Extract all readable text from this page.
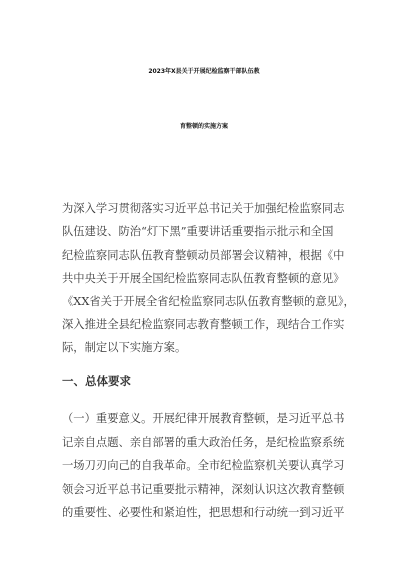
2023年X县关于开展纪检监察干部队伍教
育整顿的实施方案

为深入学习贯彻落实习近平总书记关于加强纪检监察同志

队伍建设、防治“灯下黑”重要讲话重要指示批示和全国

纪检监察同志队伍教育整顿动员部署会议精神，根据《中

共中央关于开展全国纪检监察同志队伍教育整顿的意见》

《XX省关于开展全省纪检监察同志队伍教育整顿的意见》，

深入推进全县纪检监察同志教育整顿工作，现结合工作实

际，制定以下实施方案。

一、总体要求

（一）重要意义。开展纪律开展教育整顿，是习近平总书

记亲自点题、亲自部署的重大政治任务，是纪检监察系统

一场刀刃向己的自我革命。全市纪检监察机关要认真学习

领会习近平总书记重要批示精神，深刻认识这次教育整顿

的重要性、必要性和紧迫性，把思想和行动统一到习近平
